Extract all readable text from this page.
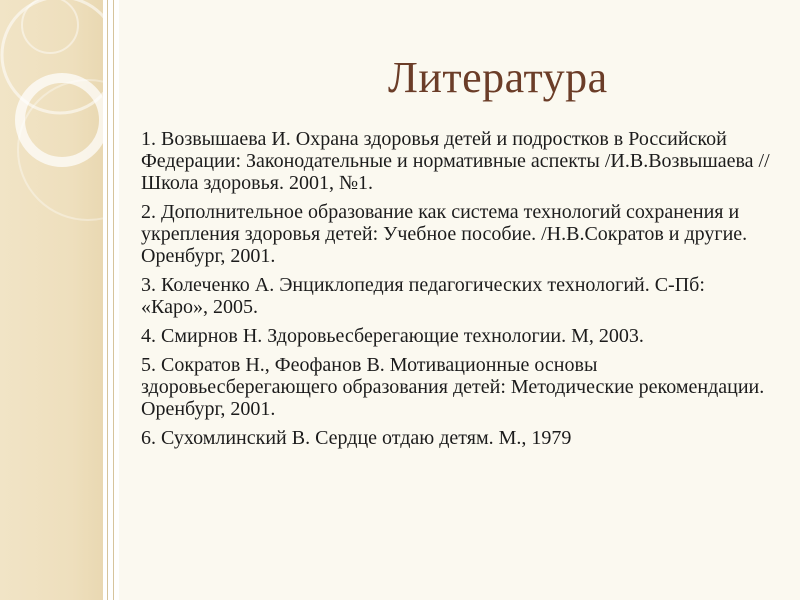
Литература
1. Возвышаева И. Охрана здоровья детей и подростков в Российской Федерации: Законодательные и нормативные аспекты /И.В.Возвышаева //Школа здоровья. 2001, №1.
2. Дополнительное образование как система технологий сохранения и укрепления здоровья детей: Учебное пособие. /Н.В.Сократов и другие. Оренбург, 2001.
3. Колеченко А. Энциклопедия педагогических технологий. С-Пб: «Каро», 2005.
4. Смирнов Н. Здоровьесберегающие технологии. М, 2003.
5. Сократов Н., Феофанов В. Мотивационные основы здоровьесберегающего образования детей: Методические рекомендации. Оренбург, 2001.
6. Сухомлинский В. Сердце отдаю детям. М., 1979
